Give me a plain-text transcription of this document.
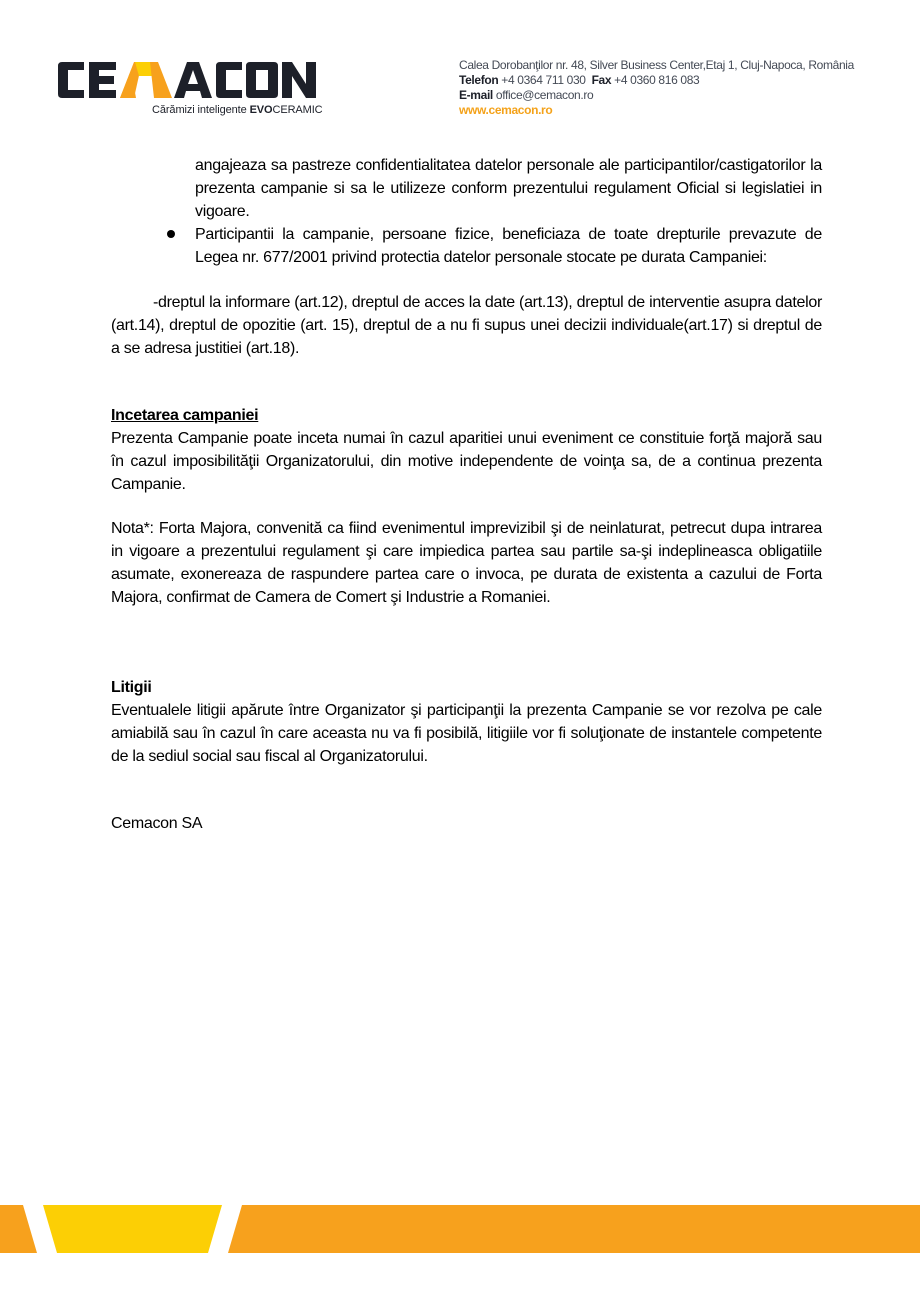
Cărămizi inteligente EVOCERAMIC
Calea Dorobanţilor nr. 48, Silver Business Center,Etaj 1, Cluj-Napoca, România
Telefon +4 0364 711 030 Fax +4 0360 816 083
E-mail office@cemacon.ro
www.cemacon.ro
angajeaza sa pastreze confidentialitatea datelor personale ale participantilor/castigatorilor la prezenta campanie si sa le utilizeze conform prezentului regulament Oficial si legislatiei in vigoare.
Participantii la campanie, persoane fizice, beneficiaza de toate drepturile prevazute de Legea nr. 677/2001 privind protectia datelor personale stocate pe durata Campaniei:
-dreptul la informare (art.12), dreptul de acces la date (art.13), dreptul de interventie asupra datelor (art.14), dreptul de opozitie (art. 15), dreptul de a nu fi supus unei decizii individuale(art.17) si dreptul de a se adresa justitiei (art.18).
Incetarea campaniei
Prezenta Campanie poate inceta numai în cazul aparitiei unui eveniment ce constituie forţă majoră sau în cazul imposibilităţii Organizatorului, din motive independente de voinţa sa, de a continua prezenta Campanie.
Nota*: Forta Majora, convenită ca fiind evenimentul imprevizibil şi de neinlaturat, petrecut dupa intrarea in vigoare a prezentului regulament şi care impiedica partea sau partile sa-şi indeplineasca obligatiile asumate, exonereaza de raspundere partea care o invoca, pe durata de existenta a cazului de Forta Majora, confirmat de Camera de Comert şi Industrie a Romaniei.
Litigii
Eventualele litigii apărute între Organizator şi participanţii la prezenta Campanie se vor rezolva pe cale amiabilă sau în cazul în care aceasta nu va fi posibilă, litigiile vor fi soluţionate de instantele competente de la sediul social sau fiscal al Organizatorului.
Cemacon SA
